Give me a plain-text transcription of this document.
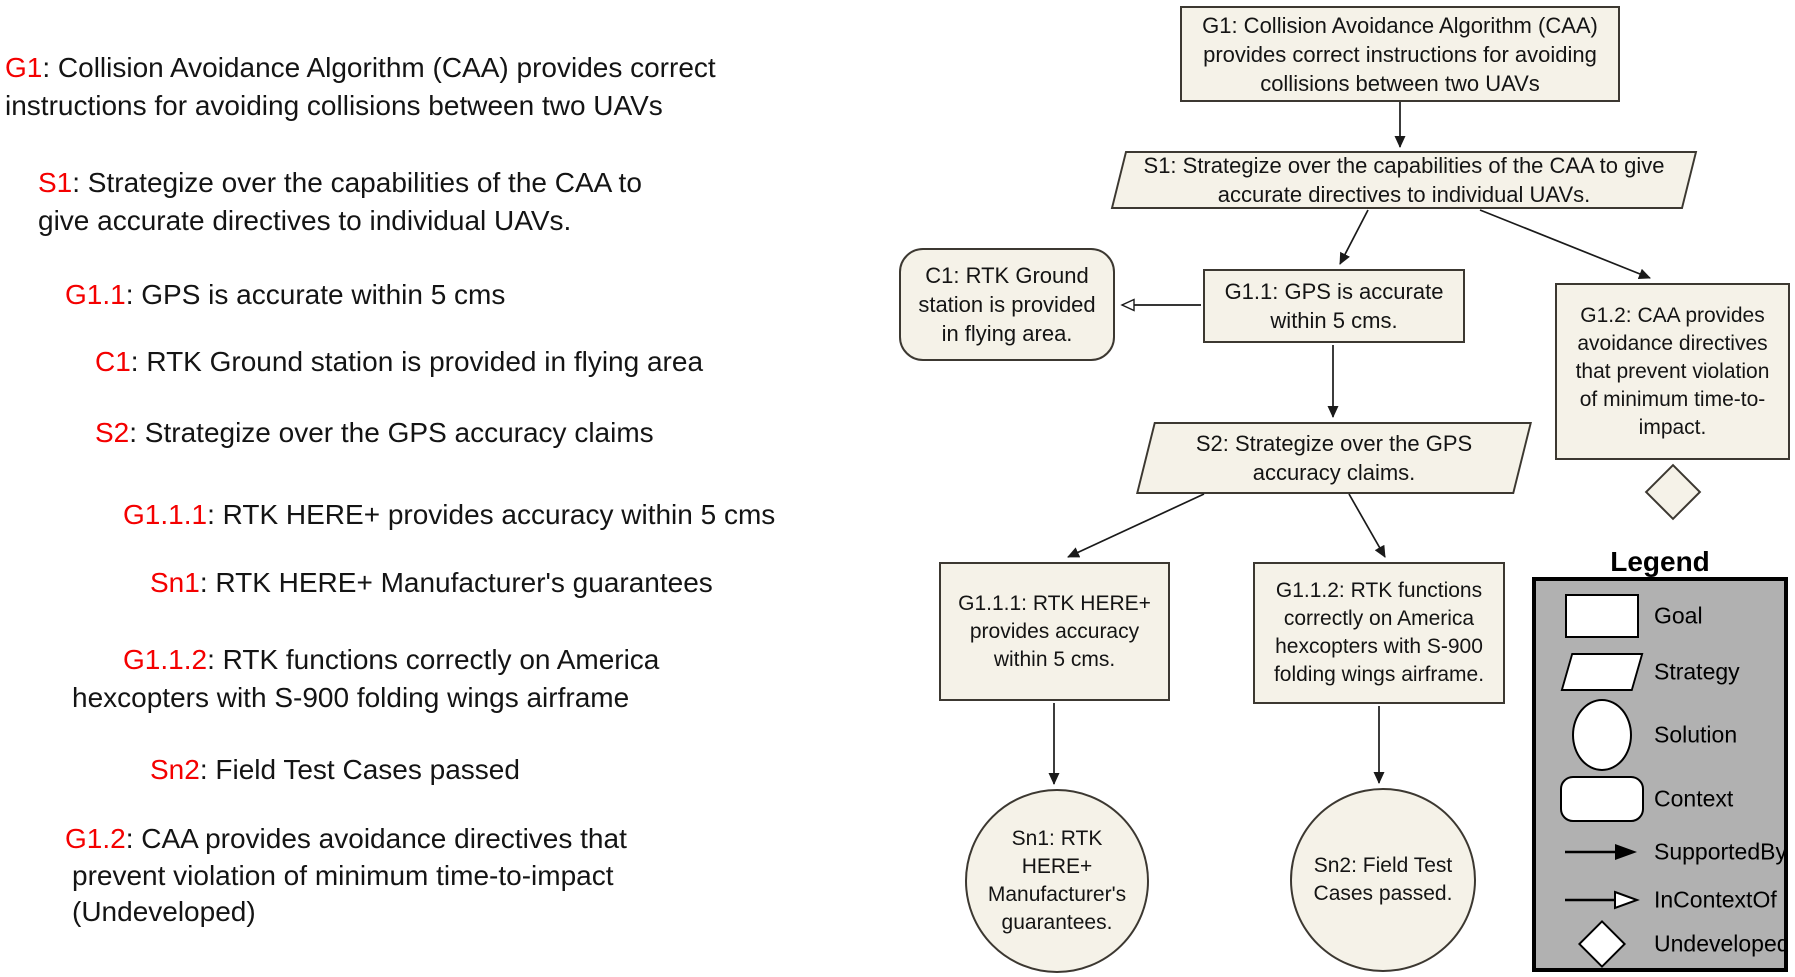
G1: Collision Avoidance Algorithm (CAA) provides correct
instructions for avoiding collisions between two UAVs
S1: Strategize over the capabilities of the CAA to
give accurate directives to individual UAVs.
G1.1: GPS is accurate within 5 cms
C1: RTK Ground station is provided in flying area
S2: Strategize over the GPS accuracy claims
G1.1.1: RTK HERE+ provides accuracy within 5 cms
Sn1: RTK HERE+ Manufacturer's guarantees
G1.1.2: RTK functions correctly on America
hexcopters with S-900 folding wings airframe
Sn2: Field Test Cases passed
G1.2: CAA provides avoidance directives that
prevent violation of minimum time-to-impact
(Undeveloped)
G1: Collision Avoidance Algorithm (CAA) provides correct instructions for avoiding collisions between two UAVs
S1: Strategize over the capabilities of the CAA to give accurate directives to individual UAVs.
C1: RTK Ground station is provided in flying area.
G1.1: GPS is accurate within 5 cms.	G1.2: CAA provides avoidance directives that prevent violation of minimum time-to-impact.
S2: Strategize over the GPS accuracy claims.
G1.1.1: RTK HERE+ provides accuracy within 5 cms.
G1.1.2: RTK functions correctly on America hexcopters with S-900 folding wings airframe.
Sn1: RTK HERE+ Manufacturer's guarantees.
Sn2: Field Test Cases passed.
Legend
Goal
Strategy
Solution
Context
SupportedBy
InContextOf
Undeveloped
